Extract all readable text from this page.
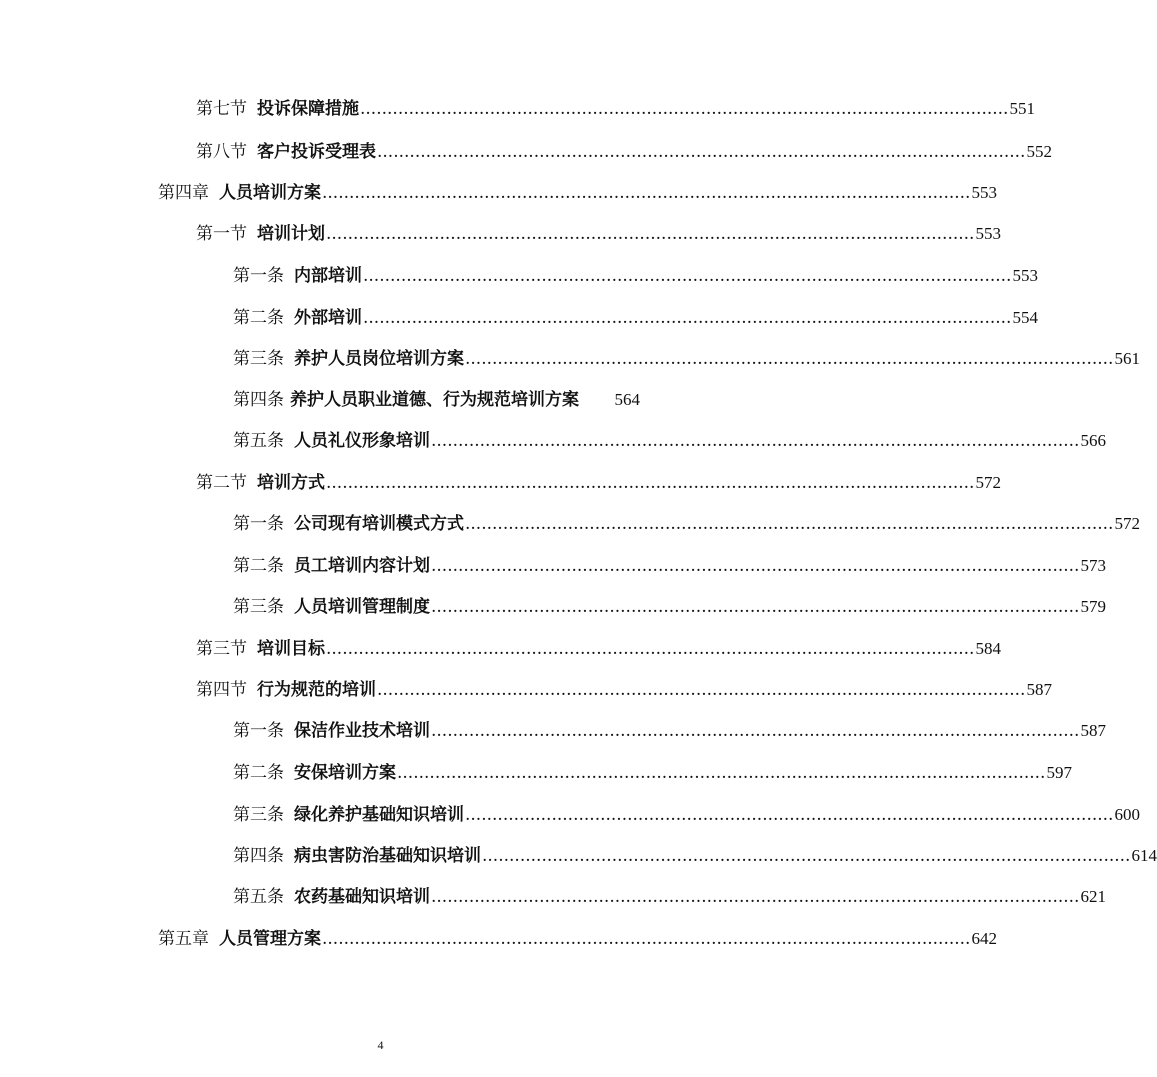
第七节 投诉保障措施 ........................................................................................................................ 551
第八节 客户投诉受理表 ........................................................................................................................ 552
第四章 人员培训方案 ........................................................................................................................ 553
第一节 培训计划 ........................................................................................................................ 553
第一条 内部培训 ........................................................................................................................ 553
第二条 外部培训 ........................................................................................................................ 554
第三条 养护人员岗位培训方案 ........................................................................................................................ 561
第四条 养护人员职业道德、行为规范培训方案 564
第五条 人员礼仪形象培训 ........................................................................................................................ 566
第二节 培训方式 ........................................................................................................................ 572
第一条 公司现有培训模式方式 ........................................................................................................................ 572
第二条 员工培训内容计划 ........................................................................................................................ 573
第三条 人员培训管理制度 ........................................................................................................................ 579
第三节 培训目标 ........................................................................................................................ 584
第四节 行为规范的培训 ........................................................................................................................ 587
第一条 保洁作业技术培训 ........................................................................................................................ 587
第二条 安保培训方案 ........................................................................................................................ 597
第三条 绿化养护基础知识培训 ........................................................................................................................ 600
第四条 病虫害防治基础知识培训 ........................................................................................................................ 614
第五条 农药基础知识培训 ........................................................................................................................ 621
第五章 人员管理方案 ........................................................................................................................ 642
4
